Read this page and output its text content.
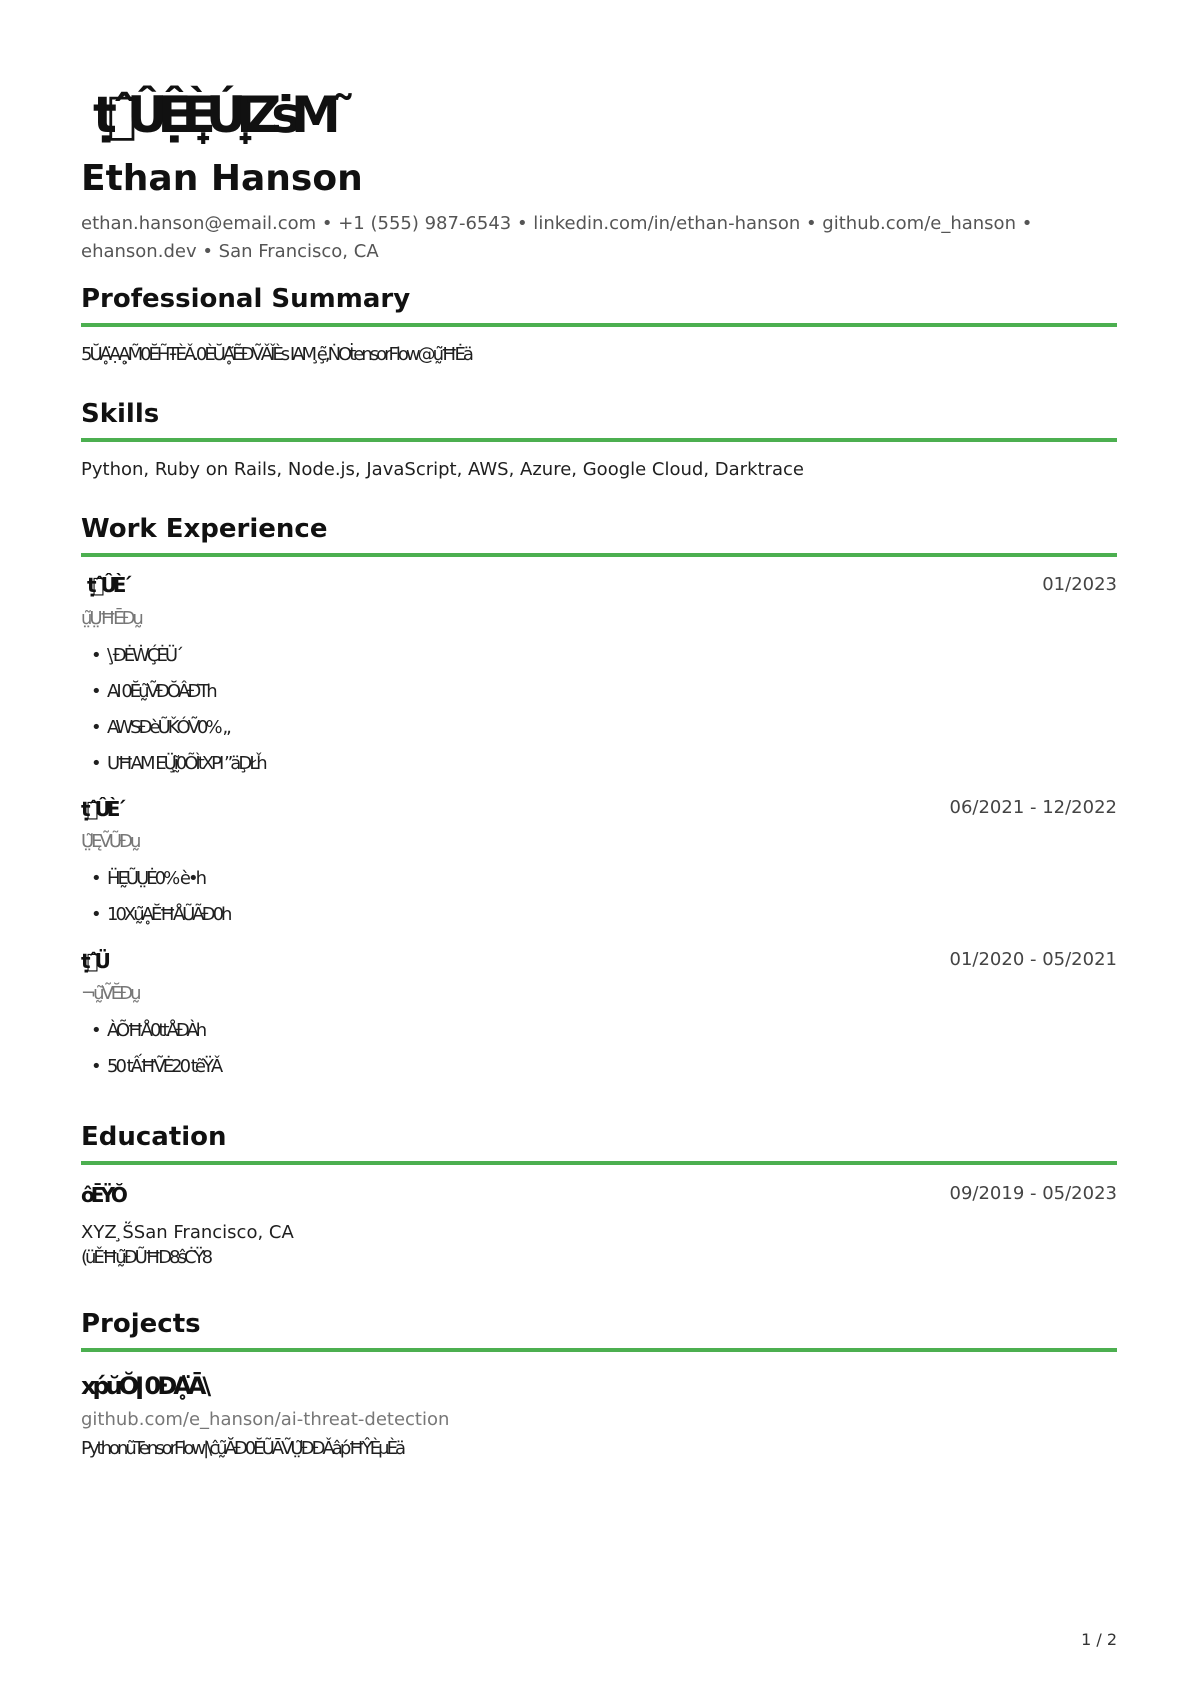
ṭฺ̂ÛỆÈ̟ÚI̟ZṡM˜
Ethan Hanson
ethan.hanson@email.com • +1 (555) 987-6543 • linkedin.com/in/ethan-hanson • github.com/e_hanson •
ehanson.dev • San Francisco, CA
Professional Summary
5ŬḀ̈ẠḀ̣M̃0ĔH̃ŦÈǍ.0ÈŬḀ̃ẼĐṼǍǏÈs IAM ̧ȩ̃,ṄOṫensorFlow@ṵ̃ĦĖä
Skills
Python, Ruby on Rails, Node.js, JavaScript, AWS, Azure, Google Cloud, Darktrace
Work Experience
ṭฺ̂ÛÈ´	01/2023
ṳ̃ṲĦĒĐṵ
• \ ̧ĐĖẆḈĖÜ´
• AI 0Ĕṵ̃ṼĐŎÂĐ́Th
• AWSĐèŨǨÓṼ0% „
• UĦAM EÜ̧ḭ̃0ÕÌtXPI ”äḐŁȟ
ṭฺ̂ÛÈ´	06/2021 - 12/2022
Ṳ̃ĘṼŨĐṵ
• ḦḚŨṲĖ0% è•h
• 10Xṵ̃ḀĔĦÅŨÃĐ0h
ṭฺ̂Ü	01/2020 - 05/2021
¬ṵ̃ṼĔĐṵ
• ÀÕĦÅ0ttÅĐÀh
• 50 tẤĦṼĖ20 tẽŸǍ
Education
ôĒŸŎ	09/2019 - 05/2023
XYZ ̧ṤSan Francisco, CA
(üĚĦṵ̃ĐŨĦD8ŝĊŸ8
Projects
xṕŭŎǀ 0ĐḀ̈Ā\
github.com/e_hanson/ai-threat-detection
PythonũTensorFlow|\ĉṵ̃ĂĐ0ĔŨĀṼṲ̃ĐĐǍâṕĦŶÈμÈä
1 / 2
